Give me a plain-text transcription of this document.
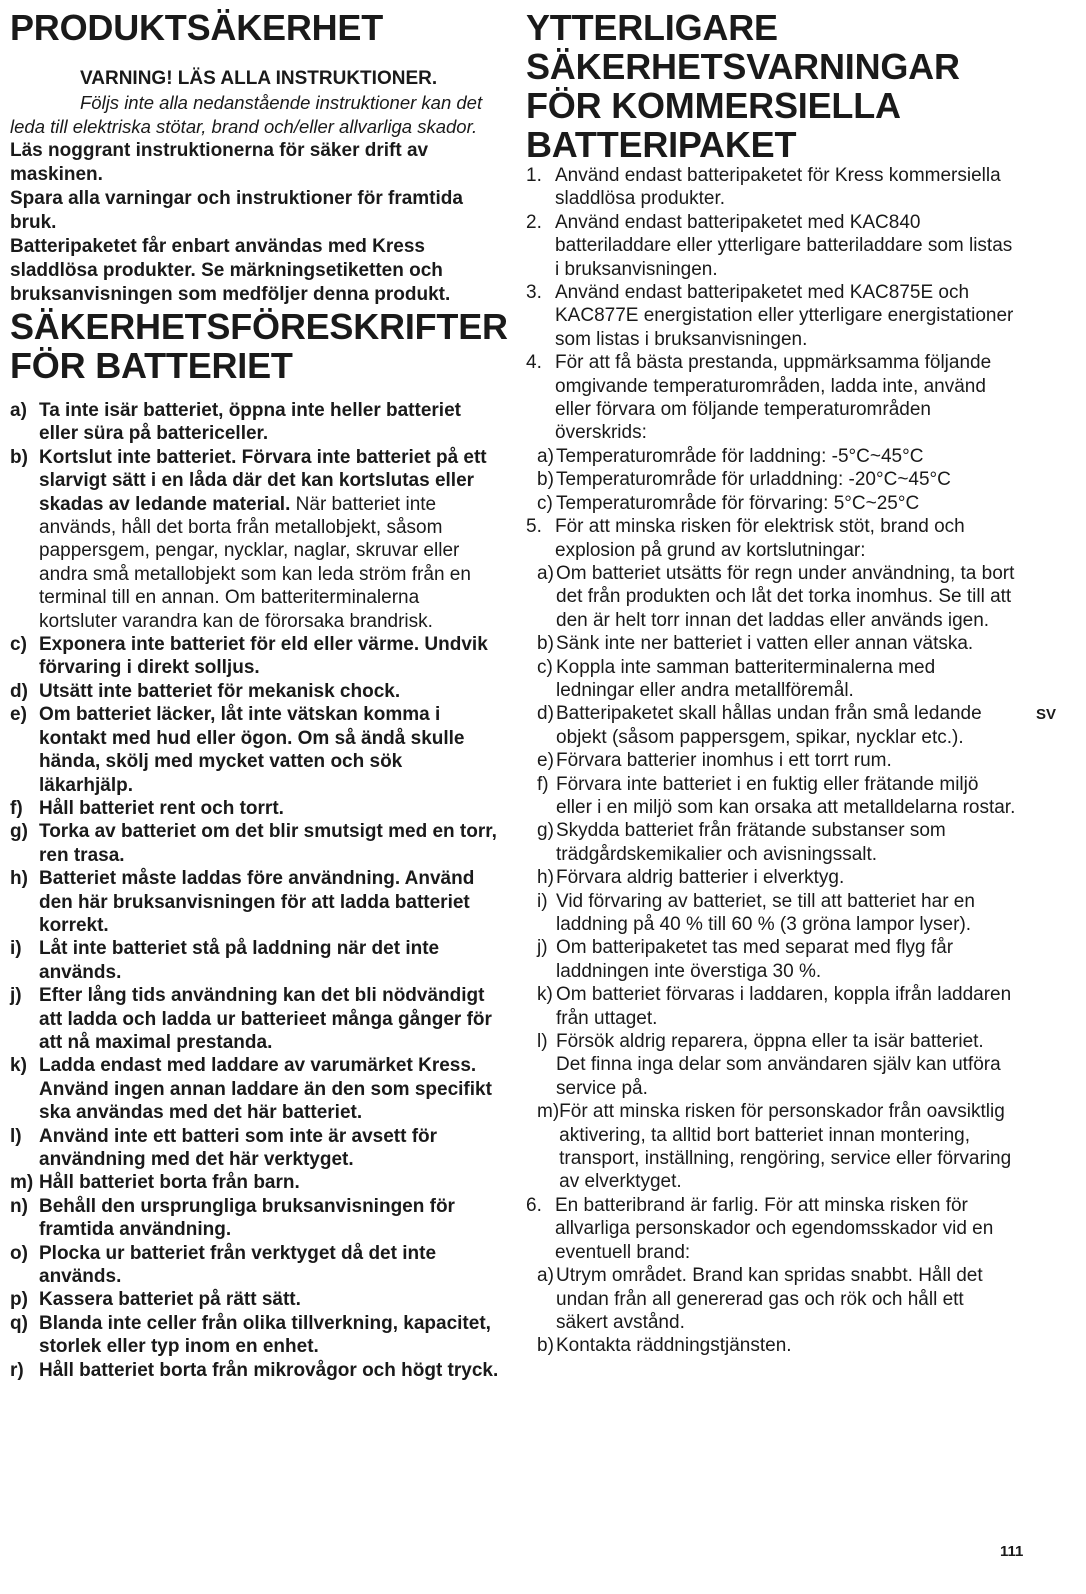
PRODUKTSÄKERHET

VARNING! LÄS ALLA INSTRUKTIONER.

Följs inte alla nedanstående instruktioner kan det leda till elektriska stötar, brand och/eller allvarliga skador.

Läs noggrant instruktionerna för säker drift av maskinen.

Spara alla varningar och instruktioner för framtida bruk.

Batteripaketet får enbart användas med Kress sladdlösa produkter. Se märkningsetiketten och bruksanvisningen som medföljer denna produkt.

SÄKERHETSFÖRESKRIFTER FÖR BATTERIET
a) Ta inte isär batteriet, öppna inte heller batteriet eller süra på battericeller.
b) Kortslut inte batteriet. Förvara inte batteriet på ett slarvigt sätt i en låda där det kan kortslutas eller skadas av ledande material. När batteriet inte används, håll det borta från metallobjekt, såsom pappersgem, pengar, nycklar, naglar, skruvar eller andra små metallobjekt som kan leda ström från en terminal till en annan. Om batteriterminalerna kortsluter varandra kan de förorsaka brandrisk.
c) Exponera inte batteriet för eld eller värme. Undvik förvaring i direkt solljus.
d) Utsätt inte batteriet för mekanisk chock.
e) Om batteriet läcker, låt inte vätskan komma i kontakt med hud eller ögon. Om så ändå skulle hända, skölj med mycket vatten och sök läkarhjälp.
f) Håll batteriet rent och torrt.
g) Torka av batteriet om det blir smutsigt med en torr, ren trasa.
h) Batteriet måste laddas före användning. Använd den här bruksanvisningen för att ladda batteriet korrekt.
i) Låt inte batteriet stå på laddning när det inte används.
j) Efter lång tids användning kan det bli nödvändigt att ladda och ladda ur batterieet många gånger för att nå maximal prestanda.
k) Ladda endast med laddare av varumärket Kress. Använd ingen annan laddare än den som specifikt ska användas med det här batteriet.
l) Använd inte ett batteri som inte är avsett för användning med det här verktyget.
m) Håll batteriet borta från barn.
n) Behåll den ursprungliga bruksanvisningen för framtida användning.
o) Plocka ur batteriet från verktyget då det inte används.
p) Kassera batteriet på rätt sätt.
q) Blanda inte celler från olika tillverkning, kapacitet, storlek eller typ inom en enhet.
r) Håll batteriet borta från mikrovågor och högt tryck.
YTTERLIGARE SÄKERHETSVARNINGAR FÖR KOMMERSIELLA BATTERIPAKET
1. Använd endast batteripaketet för Kress kommersiella sladdlösa produkter.
2. Använd endast batteripaketet med KAC840 batteriladdare eller ytterligare batteriladdare som listas i bruksanvisningen.
3. Använd endast batteripaketet med KAC875E och KAC877E energistation eller ytterligare energistationer som listas i bruksanvisningen.
4. För att få bästa prestanda, uppmärksamma följande omgivande temperaturområden, ladda inte, använd eller förvara om följande temperaturområden överskrids:
a) Temperaturområde för laddning: -5°C~45°C
b) Temperaturområde för urladdning: -20°C~45°C
c) Temperaturområde för förvaring: 5°C~25°C
5. För att minska risken för elektrisk stöt, brand och explosion på grund av kortslutningar:
a) Om batteriet utsätts för regn under användning, ta bort det från produkten och låt det torka inomhus. Se till att den är helt torr innan det laddas eller används igen.
b) Sänk inte ner batteriet i vatten eller annan vätska.
c) Koppla inte samman batteriterminalerna med ledningar eller andra metallföremål.
d) Batteripaketet skall hållas undan från små ledande objekt (såsom pappersgem, spikar, nycklar etc.).
e) Förvara batterier inomhus i ett torrt rum.
f) Förvara inte batteriet i en fuktig eller frätande miljö eller i en miljö som kan orsaka att metalldelarna rostar.
g) Skydda batteriet från frätande substanser som trädgårdskemikalier och avisningssalt.
h) Förvara aldrig batterier i elverktyg.
i) Vid förvaring av batteriet, se till att batteriet har en laddning på 40 % till 60 % (3 gröna lampor lyser).
j) Om batteripaketet tas med separat med flyg får laddningen inte överstiga 30 %.
k) Om batteriet förvaras i laddaren, koppla ifrån laddaren från uttaget.
l) Försök aldrig reparera, öppna eller ta isär batteriet. Det finna inga delar som användaren själv kan utföra service på.
m) För att minska risken för personskador från oavsiktlig aktivering, ta alltid bort batteriet innan montering, transport, inställning, rengöring, service eller förvaring av elverktyget.
6. En batteribrand är farlig. För att minska risken för allvarliga personskador och egendomsskador vid en eventuell brand:
a) Utrym området. Brand kan spridas snabbt. Håll det undan från all genererad gas och rök och håll ett säkert avstånd.
b) Kontakta räddningstjänsten.
SV
111
